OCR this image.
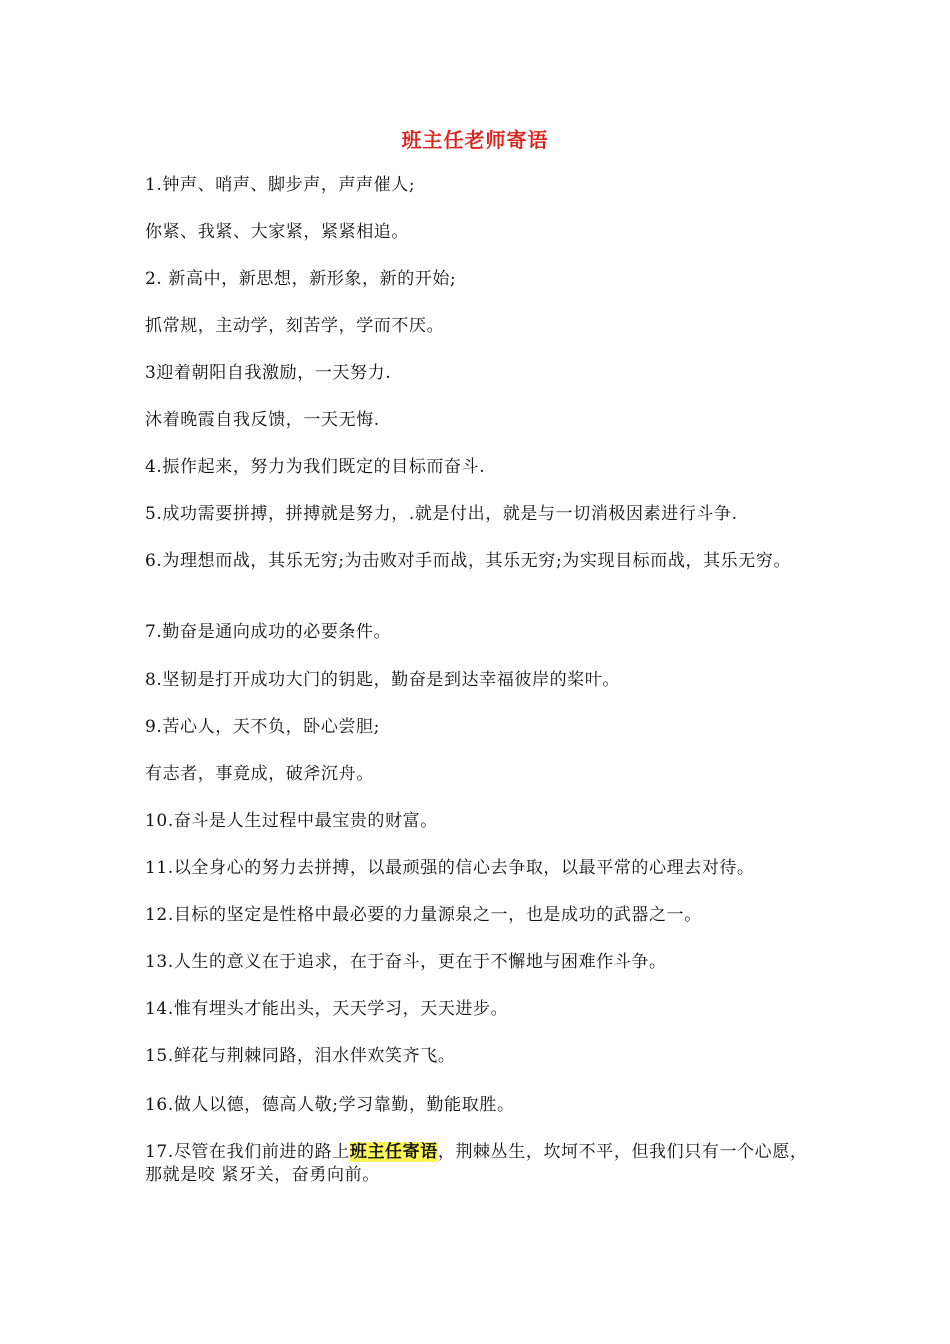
班主任老师寄语

1.钟声、哨声、脚步声，声声催人;

你紧、我紧、大家紧，紧紧相追。

2. 新高中，新思想，新形象，新的开始;

抓常规，主动学，刻苦学，学而不厌。

3迎着朝阳自我激励，一天努力.

沐着晚霞自我反馈，一天无悔.

4.振作起来，努力为我们既定的目标而奋斗.

5.成功需要拼搏，拼搏就是努力，.就是付出，就是与一切消极因素进行斗争.

6.为理想而战，其乐无穷;为击败对手而战，其乐无穷;为实现目标而战，其乐无穷。

7.勤奋是通向成功的必要条件。

8.坚韧是打开成功大门的钥匙，勤奋是到达幸福彼岸的桨叶。

9.苦心人，天不负，卧心尝胆;

有志者，事竟成，破斧沉舟。

10.奋斗是人生过程中最宝贵的财富。

11.以全身心的努力去拼搏，以最顽强的信心去争取，以最平常的心理去对待。

12.目标的坚定是性格中最必要的力量源泉之一，也是成功的武器之一。

13.人生的意义在于追求，在于奋斗，更在于不懈地与困难作斗争。

14.惟有埋头才能出头，天天学习，天天进步。

15.鲜花与荆棘同路，泪水伴欢笑齐飞。

16.做人以德，德高人敬;学习靠勤，勤能取胜。

17.尽管在我们前进的路上班主任寄语，荆棘丛生，坎坷不平，但我们只有一个心愿， 那就是咬 紧牙关，奋勇向前。
